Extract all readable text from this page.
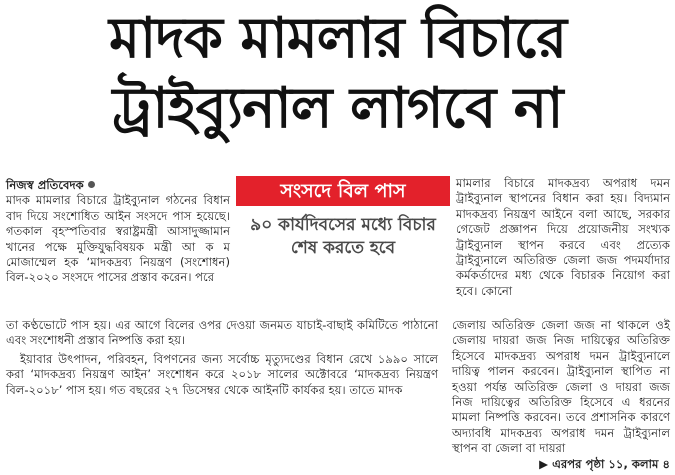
মাদক মামলার বিচারে
ট্রাইব্যুনাল লাগবে না

নিজস্ব প্রতিবেদক

মাদক মামলার বিচারে ট্রাইব্যুনাল গঠনের বিধান বাদ দিয়ে সংশোধিত আইন সংসদে পাস হয়েছে। গতকাল বৃহস্পতিবার স্বরাষ্ট্রমন্ত্রী আসাদুজ্জামান খানের পক্ষে মুক্তিযুদ্ধবিষয়ক মন্ত্রী আ ক ম মোজাম্মেল হক ‘মাদকদ্রব্য নিয়ন্ত্রণ (সংশোধন) বিল-২০২০ সংসদে পাসের প্রস্তাব করেন। পরে

সংসদে বিল পাস
৯০ কার্যদিবসের মধ্যে বিচার শেষ করতে হবে

মামলার বিচারে মাদকদ্রব্য অপরাধ দমন ট্রাইব্যুনাল স্থাপনের বিধান করা হয়। বিদ্যমান মাদকদ্রব্য নিয়ন্ত্রণ আইনে বলা আছে, সরকার গেজেট প্রজ্ঞাপন দিয়ে প্রয়োজনীয় সংখ্যক ট্রাইব্যুনাল স্থাপন করবে এবং প্রত্যেক ট্রাইব্যুনালে অতিরিক্ত জেলা জজ পদমর্যাদার কর্মকর্তাদের মধ্য থেকে বিচারক নিয়োগ করা হবে। কোনো

তা কণ্ঠভোটে পাস হয়। এর আগে বিলের ওপর দেওয়া জনমত যাচাই-বাছাই কমিটিতে পাঠানো এবং সংশোধনী প্রস্তাব নিষ্পত্তি করা হয়।

ইয়াবার উৎপাদন, পরিবহন, বিপণনের জন্য সর্বোচ্চ মৃত্যুদণ্ডের বিধান রেখে ১৯৯০ সালে করা ‘মাদকদ্রব্য নিয়ন্ত্রণ আইন’ সংশোধন করে ২০১৮ সালের অক্টোবরে ‘মাদকদ্রব্য নিয়ন্ত্রণ বিল-২০১৮’ পাস হয়। গত বছরের ২৭ ডিসেম্বর থেকে আইনটি কার্যকর হয়। তাতে মাদক

জেলায় অতিরিক্ত জেলা জজ না থাকলে ওই জেলায় দায়রা জজ নিজ দায়িত্বের অতিরিক্ত হিসেবে মাদকদ্রব্য অপরাধ দমন ট্রাইব্যুনালে দায়িত্ব পালন করবেন। ট্রাইব্যুনাল স্থাপিত না হওয়া পর্যন্ত অতিরিক্ত জেলা ও দায়রা জজ নিজ দায়িত্বের অতিরিক্ত হিসেবে এ ধরনের মামলা নিষ্পত্তি করবেন। তবে প্রশাসনিক কারণে অদ্যাবধি মাদকদ্রব্য অপরাধ দমন ট্রাইব্যুনাল স্থাপন বা জেলা বা দায়রা

▶ এরপর পৃষ্ঠা ১১, কলাম ৪
